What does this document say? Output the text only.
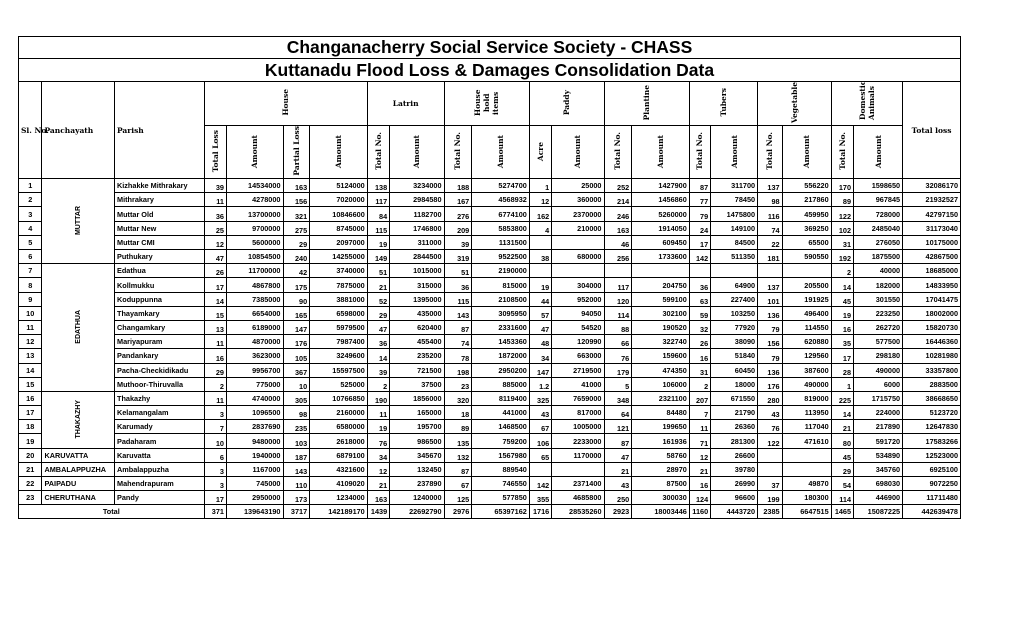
Changanacherry Social Service Society - CHASS																					
Kuttanadu Flood Loss & Damages Consolidation Data																					
Sl. No.	Panchayath	Parish	House				Latrin		House hold items		Paddy		Plantine		Tubers		Vegetable		Domestic Animals		Total loss
			Total Loss	Amount	Partial Loss	Amount	Total No.	Amount	Total No.	Amount	Acre	Amount	Total No.	Amount	Total No.	Amount	Total No.	Amount	Total No.	Amount	
1	MUTTAR	Kizhakke Mithrakary	39	14534000	163	5124000	138	3234000	188	5274700	1	25000	252	1427900	87	311700	137	556220	170	1598650	32086170
2		Mithrakary	11	4278000	156	7020000	117	2984580	167	4568932	12	360000	214	1456860	77	78450	98	217860	89	967845	21932527
3		Muttar Old	36	13700000	321	10846600	84	1182700	276	6774100	162	2370000	246	5260000	79	1475800	116	459950	122	728000	42797150
4		Muttar New	25	9700000	275	8745000	115	1746800	209	5853800	4	210000	163	1914050	24	149100	74	369250	102	2485040	31173040
5		Muttar CMI	12	5600000	29	2097000	19	311000	39	1131500			46	609450	17	84500	22	65500	31	276050	10175000
6		Puthukary	47	10854500	240	14255000	149	2844500	319	9522500	38	680000	256	1733600	142	511350	181	590550	192	1875500	42867500
7	EDATHUA	Edathua	26	11700000	42	3740000	51	1015000	51	2190000									2	40000	18685000
8		Kollmukku	17	4867800	175	7875000	21	315000	36	815000	19	304000	117	204750	36	64900	137	205500	14	182000	14833950
9		Koduppunna	14	7385000	90	3881000	52	1395000	115	2108500	44	952000	120	599100	63	227400	101	191925	45	301550	17041475
10		Thayamkary	15	6654000	165	6598000	29	435000	143	3095950	57	94050	114	302100	59	103250	136	496400	19	223250	18002000
11		Changamkary	13	6189000	147	5979500	47	620400	87	2331600	47	54520	88	190520	32	77920	79	114550	16	262720	15820730
12		Mariyapuram	11	4870000	176	7987400	36	455400	74	1453360	48	120990	66	322740	26	38090	156	620880	35	577500	16446360
13		Pandankary	16	3623000	105	3249600	14	235200	78	1872000	34	663000	76	159600	16	51840	79	129560	17	298180	10281980
14		Pacha-Checkidikadu	29	9956700	367	15597500	39	721500	198	2950200	147	2719500	179	474350	31	60450	136	387600	28	490000	33357800
15		Muthoor-Thiruvalla	2	775000	10	525000	2	37500	23	885000	1.2	41000	5	106000	2	18000	176	490000	1	6000	2883500
16	THAKAZHY	Thakazhy	11	4740000	305	10766850	190	1856000	320	8119400	325	7659000	348	2321100	207	671550	280	819000	225	1715750	38668650
17		Kelamangalam	3	1096500	98	2160000	11	165000	18	441000	43	817000	64	84480	7	21790	43	113950	14	224000	5123720
18		Karumady	7	2837690	235	6580000	19	195700	89	1468500	67	1005000	121	199650	11	26360	76	117040	21	217890	12647830
19		Padaharam	10	9480000	103	2618000	76	986500	135	759200	106	2233000	87	161936	71	281300	122	471610	80	591720	17583266
20	KARUVATTA	Karuvatta	6	1940000	187	6879100	34	345670	132	1567980	65	1170000	47	58760	12	26600			45	534890	12523000
21	AMBALAPPUZHA	Ambalappuzha	3	1167000	143	4321600	12	132450	87	889540			21	28970	21	39780			29	345760	6925100
22	PAIPADU	Mahendrapuram	3	745000	110	4109020	21	237890	67	746550	142	2371400	43	87500	16	26990	37	49870	54	698030	9072250
23	CHERUTHANA	Pandy	17	2950000	173	1234000	163	1240000	125	577850	355	4685800	250	300030	124	96600	199	180300	114	446900	11711480
Total			371	139643190	3717	142189170	1439	22692790	2976	65397162	1716	28535260	2923	18003446	1160	4443720	2385	6647515	1465	15087225	442639478
